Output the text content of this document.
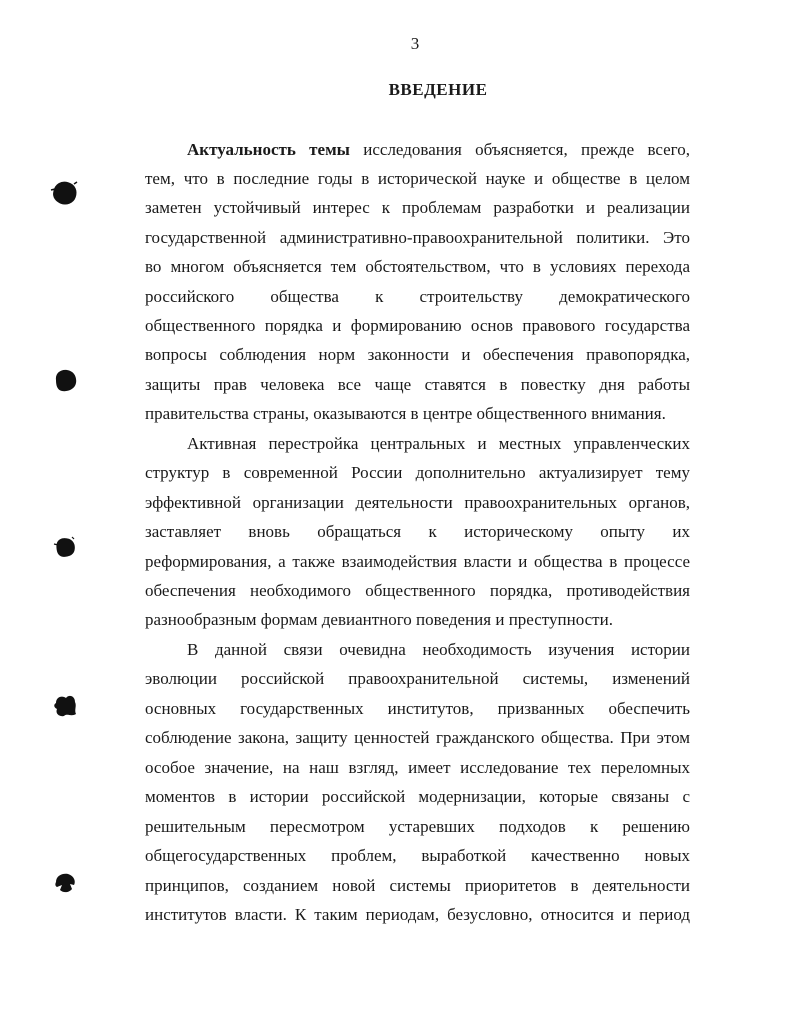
3
ВВЕДЕНИЕ
Актуальность темы исследования объясняется, прежде всего,
тем, что в последние годы в исторической науке и обществе в целом
заметен устойчивый интерес к проблемам разработки и реализации
государственной административно-правоохранительной политики. Это
во многом объясняется тем обстоятельством, что в условиях перехода
российского общества к строительству демократического
общественного порядка и формированию основ правового государства
вопросы соблюдения норм законности и обеспечения правопорядка,
защиты прав человека все чаще ставятся в повестку дня работы
правительства страны, оказываются в центре общественного внимания.
Активная перестройка центральных и местных управленческих
структур в современной России дополнительно актуализирует тему
эффективной организации деятельности правоохранительных органов,
заставляет вновь обращаться к историческому опыту их
реформирования, а также взаимодействия власти и общества в процессе
обеспечения необходимого общественного порядка, противодействия
разнообразным формам девиантного поведения и преступности.
В данной связи очевидна необходимость изучения истории
эволюции российской правоохранительной системы, изменений
основных государственных институтов, призванных обеспечить
соблюдение закона, защиту ценностей гражданского общества. При этом
особое значение, на наш взгляд, имеет исследование тех переломных
моментов в истории российской модернизации, которые связаны с
решительным пересмотром устаревших подходов к решению
общегосударственных проблем, выработкой качественно новых
принципов, созданием новой системы приоритетов в деятельности
институтов власти. К таким периодам, безусловно, относится и период
